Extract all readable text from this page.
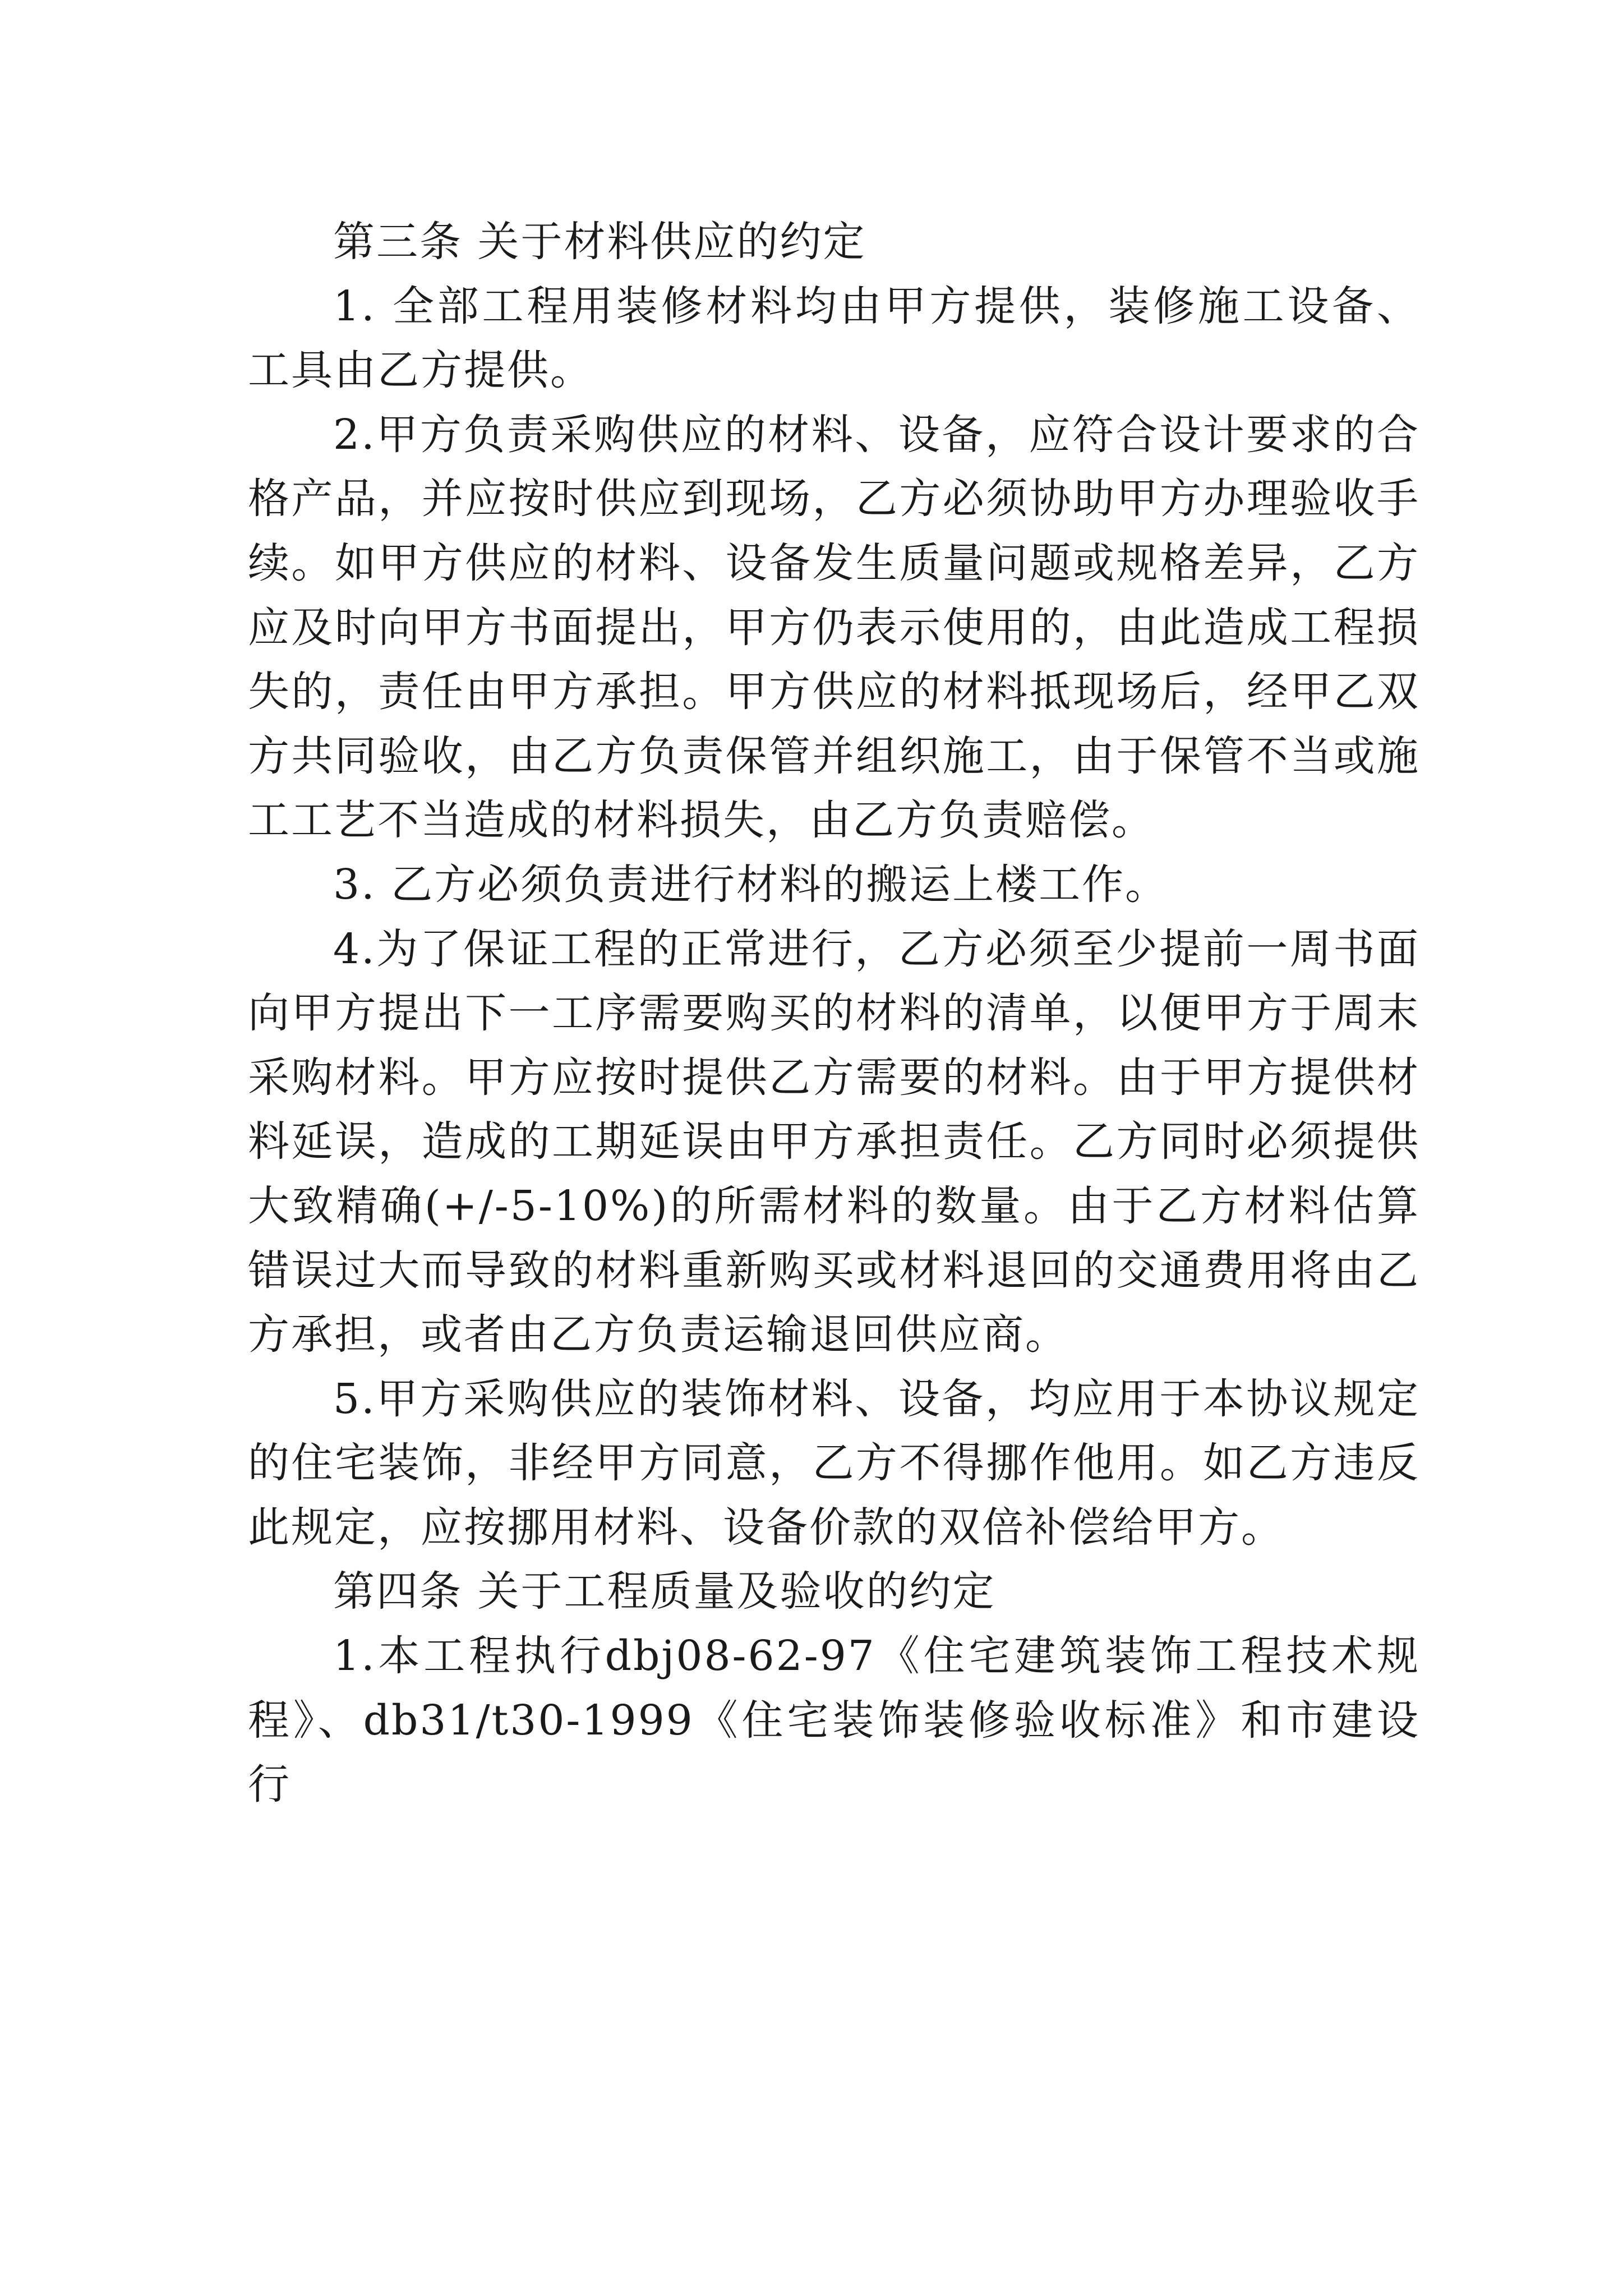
第三条 关于材料供应的约定

1. 全部工程用装修材料均由甲方提供，装修施工设备、工具由乙方提供。

2.甲方负责采购供应的材料、设备，应符合设计要求的合格产品，并应按时供应到现场，乙方必须协助甲方办理验收手续。如甲方供应的材料、设备发生质量问题或规格差异，乙方应及时向甲方书面提出，甲方仍表示使用的，由此造成工程损失的，责任由甲方承担。甲方供应的材料抵现场后，经甲乙双方共同验收，由乙方负责保管并组织施工，由于保管不当或施工工艺不当造成的材料损失，由乙方负责赔偿。

3. 乙方必须负责进行材料的搬运上楼工作。

4.为了保证工程的正常进行，乙方必须至少提前一周书面向甲方提出下一工序需要购买的材料的清单，以便甲方于周末采购材料。甲方应按时提供乙方需要的材料。由于甲方提供材料延误，造成的工期延误由甲方承担责任。乙方同时必须提供大致精确(+/-5-10%)的所需材料的数量。由于乙方材料估算错误过大而导致的材料重新购买或材料退回的交通费用将由乙方承担，或者由乙方负责运输退回供应商。

5.甲方采购供应的装饰材料、设备，均应用于本协议规定的住宅装饰，非经甲方同意，乙方不得挪作他用。如乙方违反此规定，应按挪用材料、设备价款的双倍补偿给甲方。

第四条 关于工程质量及验收的约定

1.本工程执行dbj08-62-97《住宅建筑装饰工程技术规程》、db31/t30-1999《住宅装饰装修验收标准》和市建设行
